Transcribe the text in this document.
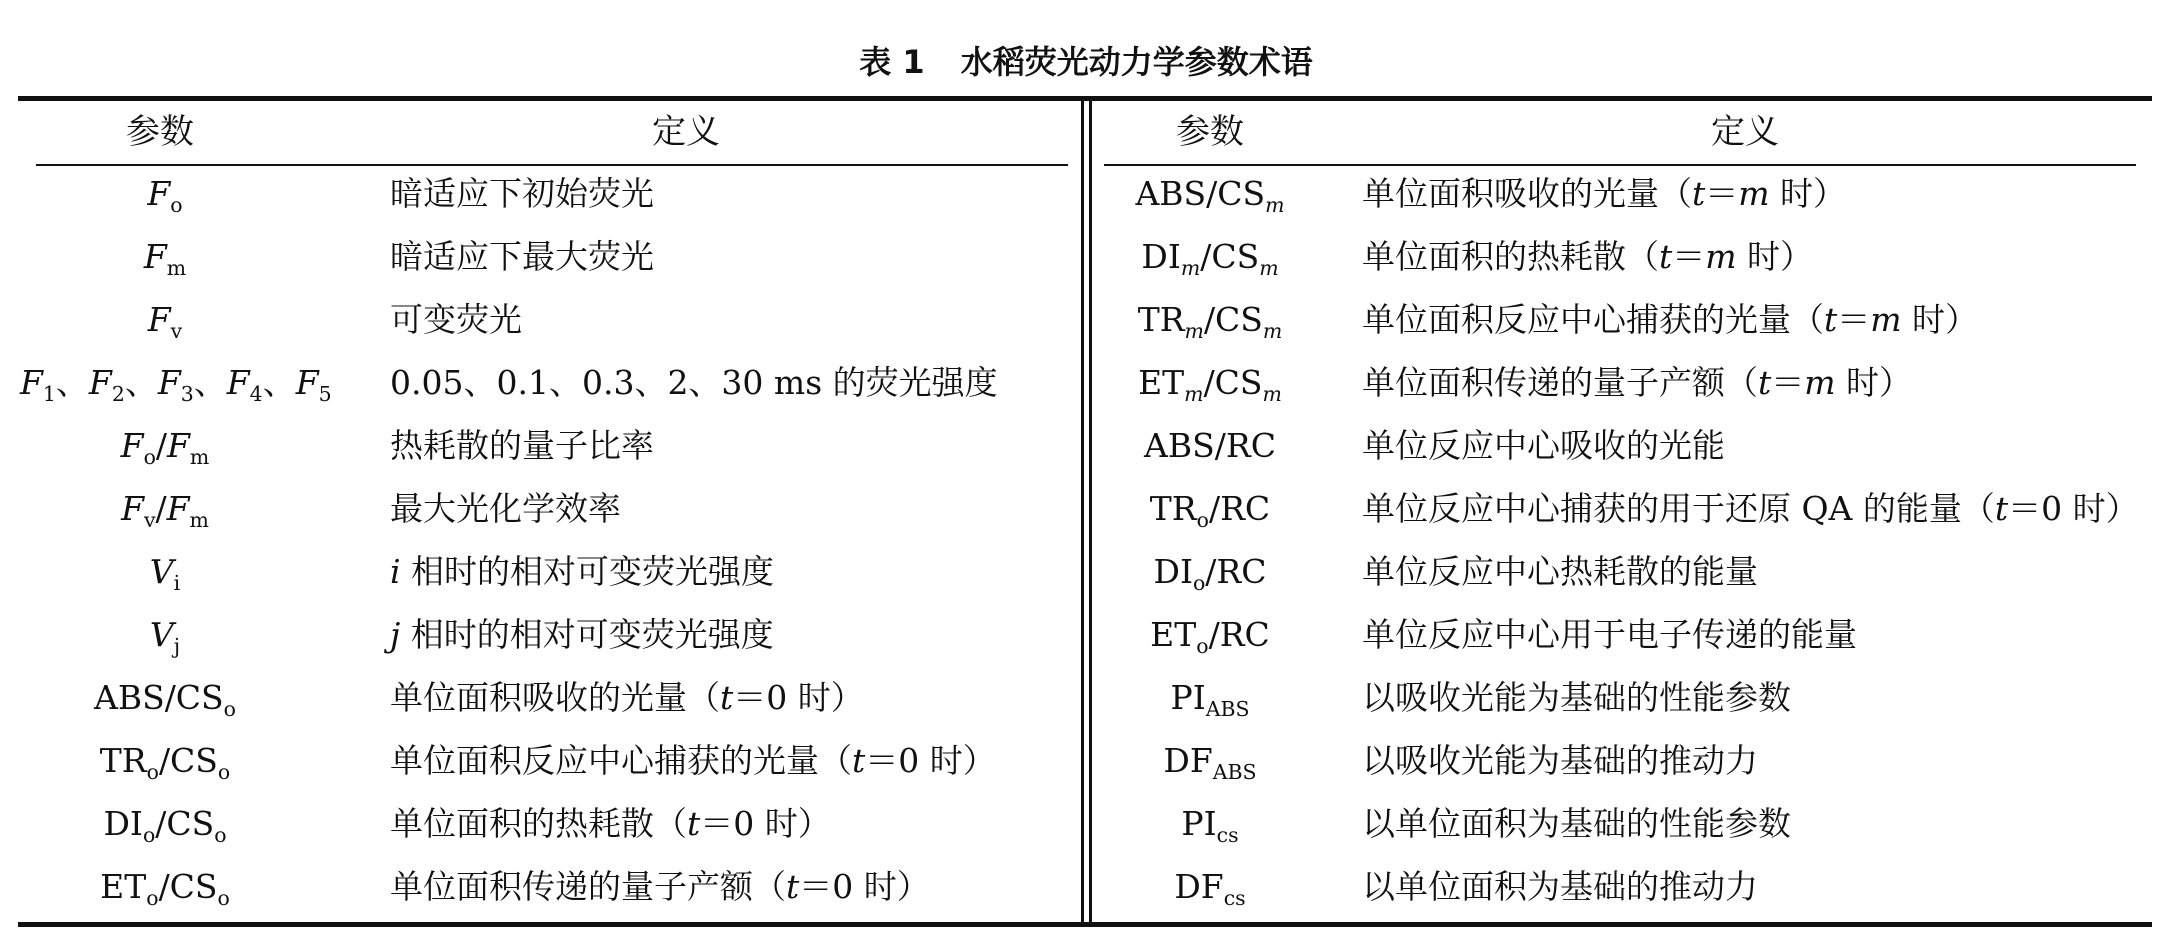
表 1 水稻荧光动力学参数术语
参数	定义	参数	定义
$F_o$	暗适应下初始荧光
$F_m$	暗适应下最大荧光
$F_v$	可变荧光
$F_1$、$F_2$、$F_3$、$F_4$、$F_5$ 0.05、0.1、0.3、2、30 ms 的荧光强度
$F_o/F_m$	热耗散的量子比率
$F_v/F_m$	最大光化学效率
$V_i$	i 相时的相对可变荧光强度
$V_j$	j 相时的相对可变荧光强度
ABS/$CS_o$	单位面积吸收的光量（t＝0 时）
$TR_o/CS_o$	单位面积反应中心捕获的光量（t＝0 时）
$DI_o/CS_o$	单位面积的热耗散（t＝0 时）
$ET_o/CS_o$	单位面积传递的量子产额（t＝0 时）
ABS/$CS_m$	单位面积吸收的光量（t＝m 时）
$DI_m/CS_m$	单位面积的热耗散（t＝m 时）
$TR_m/CS_m$	单位面积反应中心捕获的光量（t＝m 时）
$ET_m/CS_m$	单位面积传递的量子产额（t＝m 时）
ABS/RC	单位反应中心吸收的光能
$TR_o/RC$	单位反应中心捕获的用于还原 QA 的能量（t＝0 时）
$DI_o/RC$	单位反应中心热耗散的能量
$ET_o/RC$	单位反应中心用于电子传递的能量
$PI_{ABS}$	以吸收光能为基础的性能参数
$DF_{ABS}$	以吸收光能为基础的推动力
$PI_{cs}$	以单位面积为基础的性能参数
$DF_{cs}$	以单位面积为基础的推动力
